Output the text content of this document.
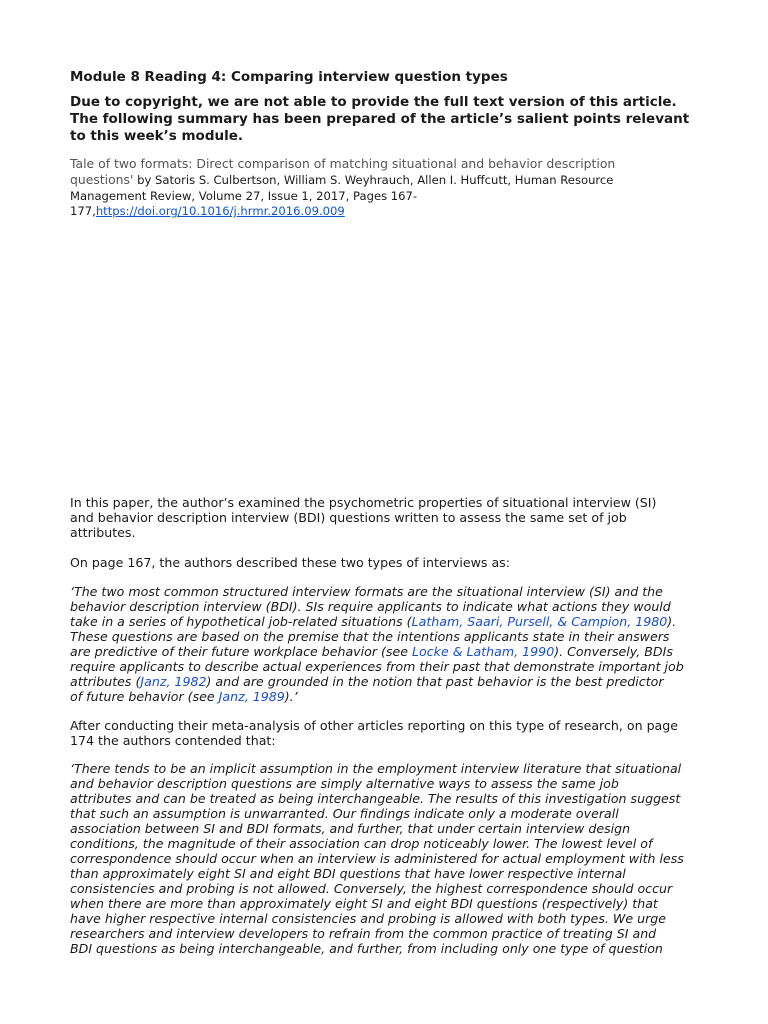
Module 8 Reading 4: Comparing interview question types
Due to copyright, we are not able to provide the full text version of this article.
The following summary has been prepared of the article’s salient points relevant
to this week’s module.
Tale of two formats: Direct comparison of matching situational and behavior description
questions' by Satoris S. Culbertson, William S. Weyhrauch, Allen I. Huffcutt, Human Resource
Management Review, Volume 27, Issue 1, 2017, Pages 167-
177,https://doi.org/10.1016/j.hrmr.2016.09.009
In this paper, the author’s examined the psychometric properties of situational interview (SI)
and behavior description interview (BDI) questions written to assess the same set of job
attributes.
On page 167, the authors described these two types of interviews as:
‘The two most common structured interview formats are the situational interview (SI) and the
behavior description interview (BDI). SIs require applicants to indicate what actions they would
take in a series of hypothetical job-related situations (Latham, Saari, Pursell, & Campion, 1980).
These questions are based on the premise that the intentions applicants state in their answers
are predictive of their future workplace behavior (see Locke & Latham, 1990). Conversely, BDIs
require applicants to describe actual experiences from their past that demonstrate important job
attributes (Janz, 1982) and are grounded in the notion that past behavior is the best predictor
of future behavior (see Janz, 1989).’
After conducting their meta-analysis of other articles reporting on this type of research, on page
174 the authors contended that:
‘There tends to be an implicit assumption in the employment interview literature that situational
and behavior description questions are simply alternative ways to assess the same job
attributes and can be treated as being interchangeable. The results of this investigation suggest
that such an assumption is unwarranted. Our findings indicate only a moderate overall
association between SI and BDI formats, and further, that under certain interview design
conditions, the magnitude of their association can drop noticeably lower. The lowest level of
correspondence should occur when an interview is administered for actual employment with less
than approximately eight SI and eight BDI questions that have lower respective internal
consistencies and probing is not allowed. Conversely, the highest correspondence should occur
when there are more than approximately eight SI and eight BDI questions (respectively) that
have higher respective internal consistencies and probing is allowed with both types. We urge
researchers and interview developers to refrain from the common practice of treating SI and
BDI questions as being interchangeable, and further, from including only one type of question
